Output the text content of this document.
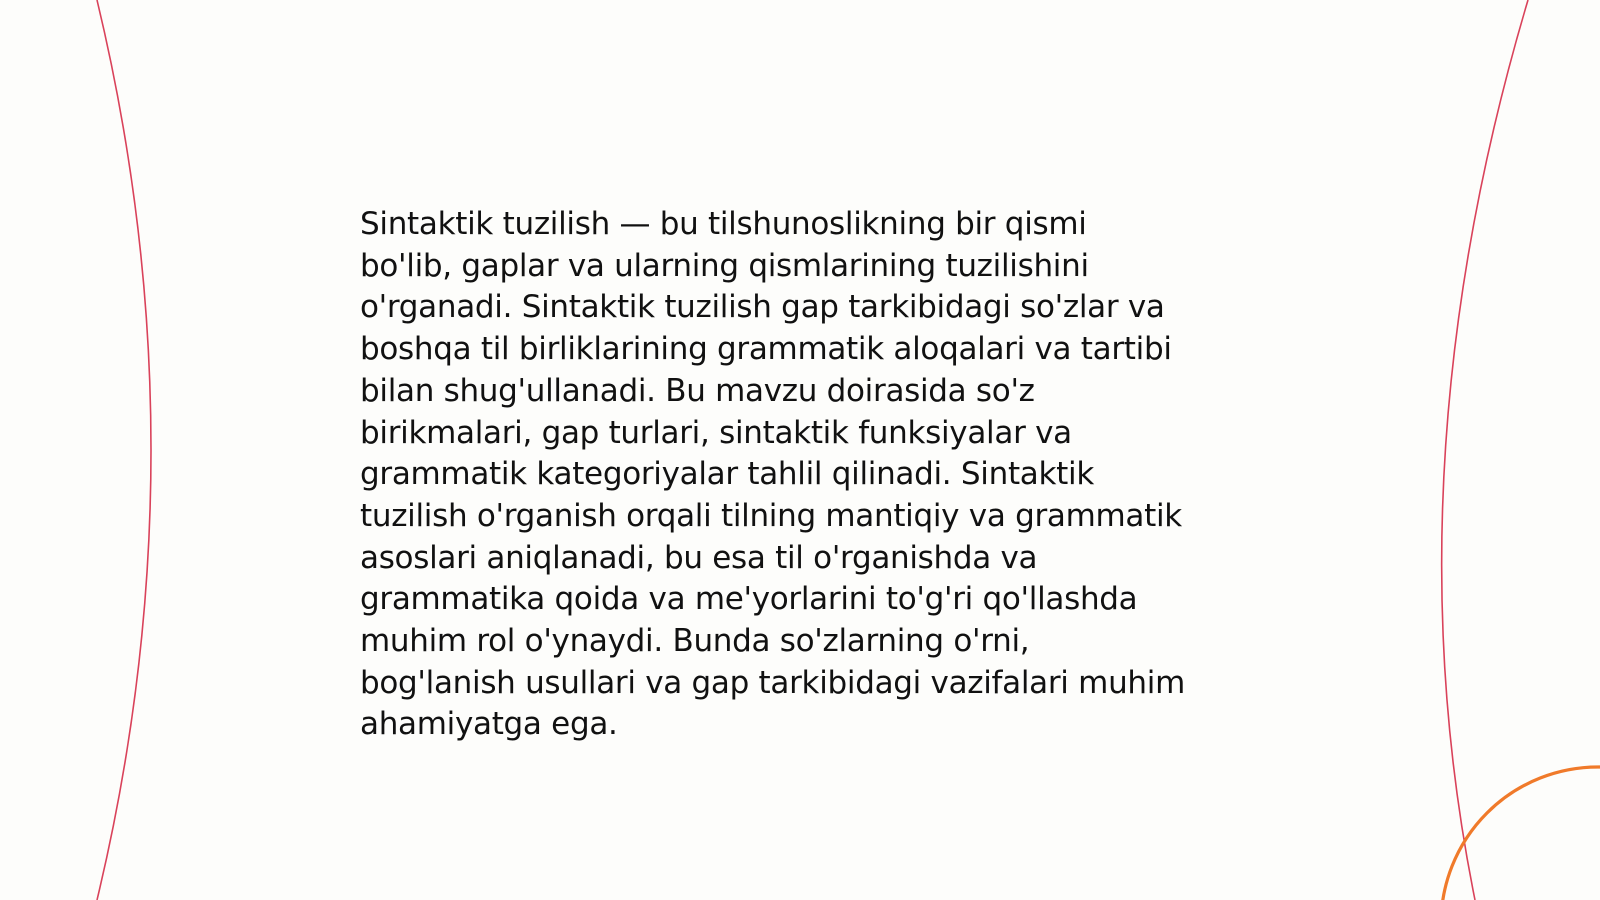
Sintaktik tuzilish — bu tilshunoslikning bir qismi
bo'lib, gaplar va ularning qismlarining tuzilishini
o'rganadi. Sintaktik tuzilish gap tarkibidagi so'zlar va
boshqa til birliklarining grammatik aloqalari va tartibi
bilan shug'ullanadi. Bu mavzu doirasida so'z
birikmalari, gap turlari, sintaktik funksiyalar va
grammatik kategoriyalar tahlil qilinadi. Sintaktik
tuzilish o'rganish orqali tilning mantiqiy va grammatik
asoslari aniqlanadi, bu esa til o'rganishda va
grammatika qoida va me'yorlarini to'g'ri qo'llashda
muhim rol o'ynaydi. Bunda so'zlarning o'rni,
bog'lanish usullari va gap tarkibidagi vazifalari muhim
ahamiyatga ega.
